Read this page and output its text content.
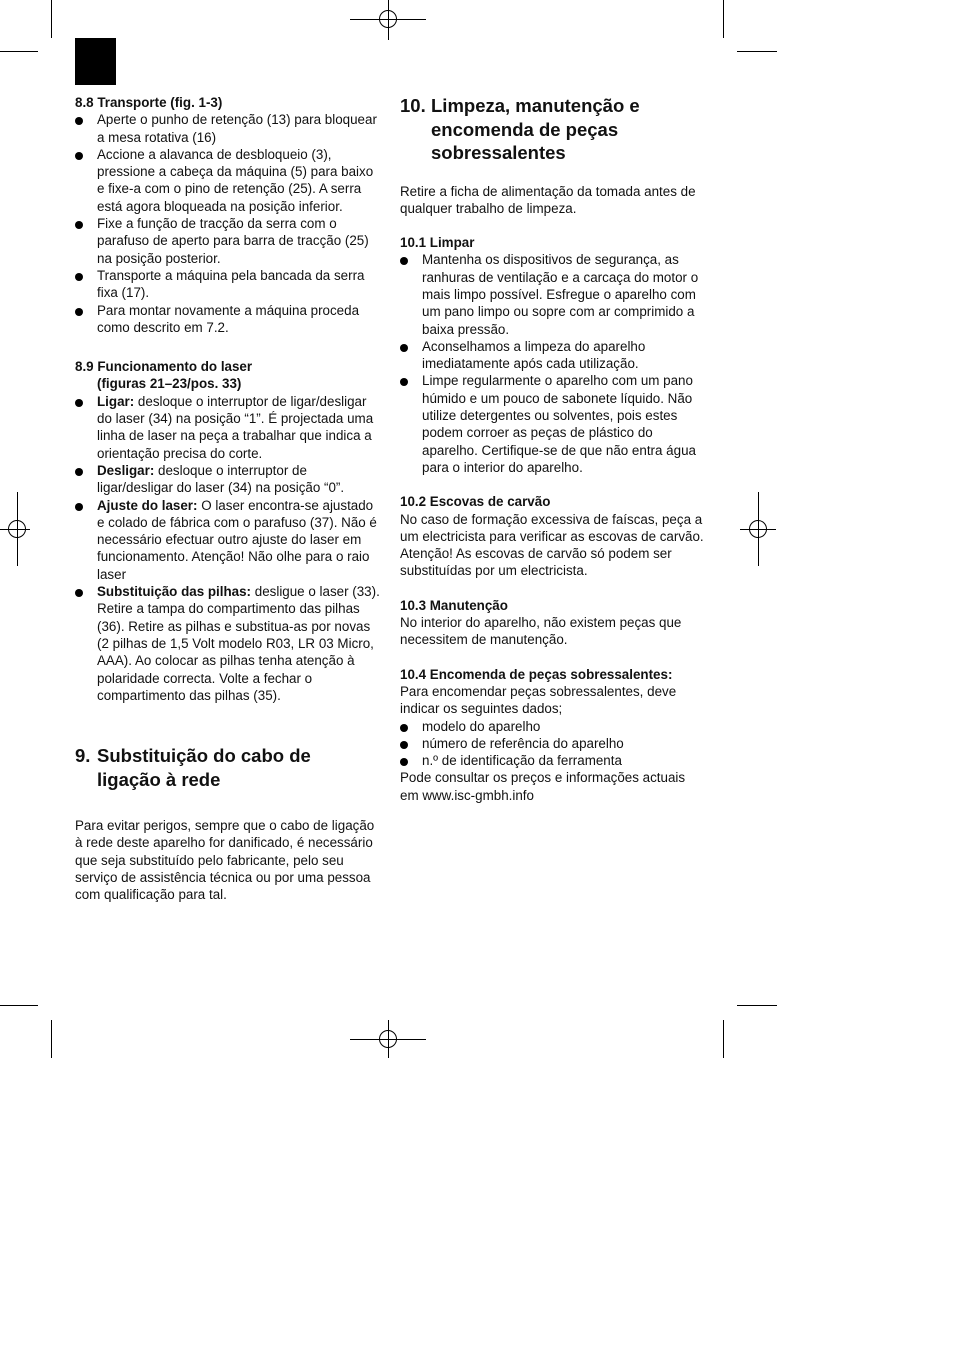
8.8 Transporte (fig. 1-3)
Aperte o punho de retenção (13) para bloquear a mesa rotativa (16)
Accione a alavanca de desbloqueio (3), pressione a cabeça da máquina (5) para baixo e fixe-a com o pino de retenção (25). A serra está agora bloqueada na posição inferior.
Fixe a função de tracção da serra com o parafuso de aperto para barra de tracção (25) na posição posterior.
Transporte a máquina pela bancada da serra fixa (17).
Para montar novamente a máquina proceda como descrito em 7.2.
8.9 Funcionamento do laser
(figuras 21–23/pos. 33)
Ligar: desloque o interruptor de ligar/desligar do laser (34) na posição “1”. É projectada uma linha de laser na peça a trabalhar que indica a orientação precisa do corte.
Desligar: desloque o interruptor de ligar/desligar do laser (34) na posição “0”.
Ajuste do laser: O laser encontra-se ajustado e colado de fábrica com o parafuso (37). Não é necessário efectuar outro ajuste do laser em funcionamento. Atenção! Não olhe para o raio laser
Substituição das pilhas: desligue o laser (33). Retire a tampa do compartimento das pilhas (36). Retire as pilhas e substitua-as por novas (2 pilhas de 1,5 Volt modelo R03, LR 03 Micro, AAA). Ao colocar as pilhas tenha atenção à polaridade correcta. Volte a fechar o compartimento das pilhas (35).
9. Substituição do cabo de
ligação à rede

Para evitar perigos, sempre que o cabo de ligação à rede deste aparelho for danificado, é necessário que seja substituído pelo fabricante, pelo seu serviço de assistência técnica ou por uma pessoa com qualificação para tal.

10. Limpeza, manutenção e
encomenda de peças
sobressalentes

Retire a ficha de alimentação da tomada antes de qualquer trabalho de limpeza.

10.1 Limpar
Mantenha os dispositivos de segurança, as ranhuras de ventilação e a carcaça do motor o mais limpo possível. Esfregue o aparelho com um pano limpo ou sopre com ar comprimido a baixa pressão.
Aconselhamos a limpeza do aparelho imediatamente após cada utilização.
Limpe regularmente o aparelho com um pano húmido e um pouco de sabonete líquido. Não utilize detergentes ou solventes, pois estes podem corroer as peças de plástico do aparelho. Certifique-se de que não entra água para o interior do aparelho.
10.2 Escovas de carvão

No caso de formação excessiva de faíscas, peça a um electricista para verificar as escovas de carvão. Atenção! As escovas de carvão só podem ser substituídas por um electricista.

10.3 Manutenção

No interior do aparelho, não existem peças que necessitem de manutenção.

10.4 Encomenda de peças sobressalentes:

Para encomendar peças sobressalentes, deve indicar os seguintes dados;

modelo do aparelho
número de referência do aparelho
n.º de identificação da ferramenta

Pode consultar os preços e informações actuais em www.isc-gmbh.info
